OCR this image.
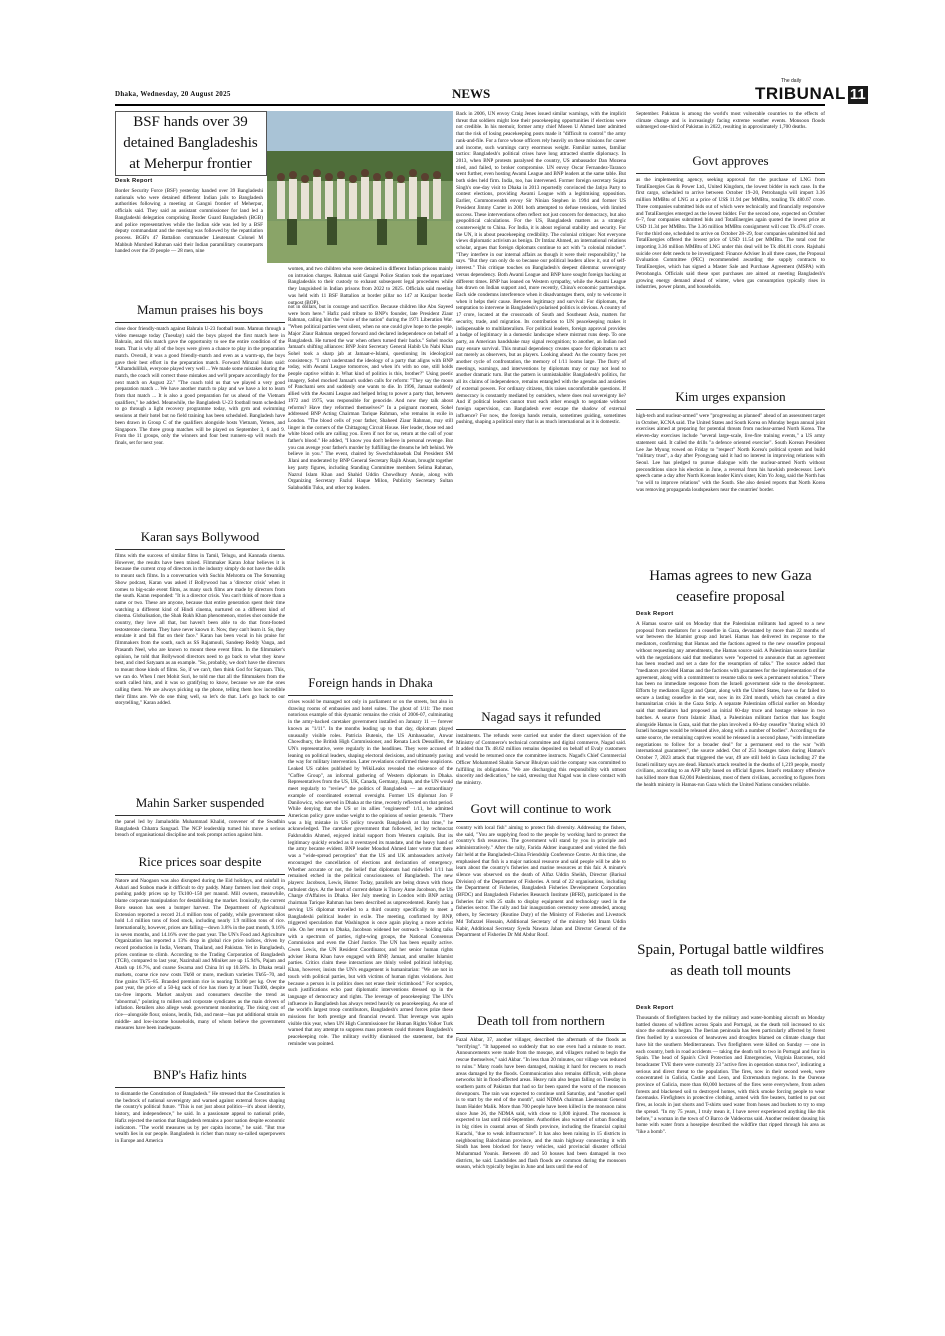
Dhaka, Wednesday, 20 August 2025	NEWS
The daily
TRIBUNAL 11
BSF hands over 39 detained Bangladeshis at Meherpur frontier
Desk Report

Border Security Force (BSF) yesterday handed over 39 Bangladeshi nationals who were detained different Indian jails to Bangladesh authorities following a meeting at Gangni frontier of Meherpur, officials said. They said an assistant commissioner for land led a Bangladeshi delegation comprising Border Guard Bangladesh (BGB) and police representatives while the Indian side was led by a BSF deputy commandant and the meeting was followed by the repatriation process. BGB's 47 Battalion commander Lieutenant Colonel M Mahbub Murshed Rahman said their Indian paramilitary counterparts handed over the 39 people — 28 men, nine

women, and two children who were detained in different Indian prisons mainly on intrusion charges. Rahman said Gangni Police Station took the repatriated Bangladeshis to their custody to exhaust subsequent legal procedures while they languished in Indian prisons from 2022 to 2025. Officials said meeting was held with 11 BSF Battalion at border pillar no 147 at Kazipur border outpost (BOP).

Mamun praises his boys

close door friendly-match against Bahrain U-23 football team. Mamun through a video message today (Tuesday) said the boys played the first match here in Bahrain, and this match gave the opportunity to see the entire condition of the team. That is why all of the boys were given a chance to play in the preparation match. Overall, it was a good friendly-match and even as a warm-up, the boys gave their best effort in the preparation match. Forward Mirazul Islam said: "Alhamdulillah, everyone played very well ... We made some mistakes during the match, the coach will correct those mistakes and we'll prepare accordingly for the next match on August 22." "The coach told us that we played a very good preparation match ... We have another match to play and we have a lot to learn from that match ... It is also a good preparation for us ahead of the Vietnam qualifiers," he added. Meanwhile, the Bangladesh U-23 football team scheduled to go through a light recovery programme today, with gym and swimming sessions at their hotel but no field training has been scheduled. Bangladesh have been drawn in Group C of the qualifiers alongside hosts Vietnam, Yemen, and Singapore. The three group matches will be played on September 3, 6 and 9. From the 11 groups, only the winners and four best runners-up will reach the finals, set for next year.

Karan says Bollywood

films with the success of similar films in Tamil, Telugu, and Kannada cinema. However, the results have been mixed. Filmmaker Karan Johar believes it is because the current crop of directors in the industry simply do not have the skills to mount such films. In a conversation with Suchin Mehrotra on The Streaming Show podcast, Karan was asked if Bollywood has a 'director crisis' when it comes to big-scale event films, as many such films are made by directors from the south. Karan responded: "It is a director crisis. You can't think of more than a name or two. These are anyone, because that entire generation spent their time watching a different kind of Hindi cinema, nurtured on a different kind of cinema. Globalisation, the Shah Rukh Khan phenomenon, stories shot outside the country, they love all that, but haven't been able to do that front-footed testosterone cinema. They have never known it. Now, they can't learn it. So, they emulate it and fall flat on their face." Karan has been vocal in his praise for filmmakers from the south, such as SS Rajamouli, Sandeep Reddy Vanga, and Prasanth Neel, who are known to mount these event films. In the filmmaker's opinion, he told that Bollywood directors need to go back to what they know best, and cited Satyaam as an example. "So, probably, we don't have the directors to mount those kinds of films. So, if we can't, then think God for Satyaam. This, we can do. When I met Mohit Suri, he told me that all the filmmakers from the south called him, and it was so gratifying to know, because we are the ones calling them. We are always picking up the phone, telling them how incredible their films are. We do one thing well, so let's do that. Let's go back to our storytelling," Karan added.

Mahin Sarker suspended

the panel led by Jamaluddin Muhammad Khalid, convener of the Swadhin Bangladesh Chhatra Sangsad. The NCP leadership turned his move a serious breach of organisational discipline and took prompt action against him.

Rice prices soar despite

Natore and Naogaon was also disrupted during the Eid holidays, and rainfall in Ashari and Srabon made it difficult to dry paddy. Many farmers lost their crops, pushing paddy prices up by Tk100–150 per maund. Mill owners, meanwhile, blame corporate manipulation for destabilising the market. Ironically, the current Boro season has seen a bumper harvest. The Department of Agricultural Extension reported a record 21.4 million tons of paddy, while government silos hold 1.4 million tons of food stock, including nearly 1.9 million tons of rice. Internationally, however, prices are falling—down 3.8% in the past month, 9.16% in seven months, and 14.16% over the past year. The UN's Food and Agriculture Organization has reported a 13% drop in global rice price indices, driven by record production in India, Vietnam, Thailand, and Pakistan. Yet in Bangladesh, prices continue to climb. According to the Trading Corporation of Bangladesh (TCB), compared to last year, Nazirshail and Miniket are up 15.94%, Pajam and Atash up 16.7%, and coarse Swarna and China Iri up 10.58%. In Dhaka retail markets, coarse rice now costs Tk60 or more, medium varieties Tk65–70, and fine grains Tk75–85. Branded premium rice is nearing Tk100 per kg. Over the past year, the price of a 50-kg sack of rice has risen by at least Tk400, despite tax-free imports. Market analysts and consumers describe the trend as "abnormal," pointing to millers and corporate syndicates as the main drivers of inflation. Retailers also allege weak government monitoring. The rising cost of rice—alongside flour, onions, lentils, fish, and meat—has put additional strain on middle- and low-income households, many of whom believe the government measures have been inadequate.

BNP's Hafiz hints

to dismantle the Constitution of Bangladesh." He stressed that the Constitution is the bedrock of national sovereignty and warned against external forces shaping the country's political future. "This is not just about politics—it's about identity, history, and independence," he said. In a passionate appeal to national pride, Hafiz rejected the notion that Bangladesh remains a poor nation despite economic indicators. "The world measures us by per capita income," he said. "But true wealth lies in our people. Bangladesh is richer than many so-called superpowers in Europe and America

not in dollars, but in courage and sacrifice. Because children like Abu Sayeed were born here." Hafiz paid tribute to BNP's founder, late President Ziaur Rahman, calling him the "voice of the nation" during the 1971 Liberation War. "When political parties went silent, when no one could give hope to the people, Major Ziaur Rahman stepped forward and declared independence on behalf of Bangladesh. He turned the war when others turned their backs." Sohel mocks Jamaat's shifting alliances: BNP Joint Secretary General Habib Un Nabi Khan Sohel took a sharp jab at Jamaat-e-Islami, questioning its ideological consistency. "I can't understand the ideology of a party that aligns with BNP today, with Awami League tomorrow, and when it's with no one, still holds people captive within it. What kind of politics is this, brother?" Using poetic imagery, Sohel mocked Jamaat's sudden calls for reform: "They say the moon of Panchami sets and suddenly one wants to die. In 1996, Jamaat suddenly allied with the Awami League and helped bring to power a party that, between 1972 and 1975, was responsible for genocide. And now they talk about reforms? Have they reformed themselves?" In a poignant moment, Sohel addressed BNP Acting Chairman Tarique Rahman, who remains in exile in London. "The blood cells of your father, Shaheed Ziaur Rahman, may still linger in the corners of the Chittagong Circuit House. Her leader, those red and white blood cells are calling you. Even if not for us, return at the call of your father's blood." He added, "I know you don't believe in personal revenge. But you can avenge your father's murder by fulfilling the dreams he left behind. We believe in you." The event, chaired by Swechchhasebak Dal President SM Jilani and moderated by BNP General Secretary Rajib Ahsan, brought together key party figures, including Standing Committee members Selima Rahman, Nazrul Islam Khan and Shahid Uddin Chowdhury Annie, along with Organizing Secretary Fazlul Haque Milon, Publicity Secretary Sultan Salahuddin Tuku, and other top leaders.

Foreign hands in Dhaka

crises would be managed not only in parliament or on the streets, but also in drawing rooms of embassies and hotel suites. The ghost of 1/11: The most notorious example of this dynamic remains the crisis of 2006-07, culminating in the army-backed caretaker government installed on January 11 — forever known as "1/11". In the months leading up to that day, diplomats played unusually visible roles. Patricia Butenis, the US Ambassador, Anwar Chowdhury, the British High Commissioner, and Renata Lock Dessallien, the UN's representative, were regularly in the headlines. They were accused of leaning on political leaders, shaping electoral decisions, and ultimately paving the way for military intervention. Later revelations confirmed these suspicions. Leaked US cables published by WikiLeaks revealed the existence of the "Coffee Group", an informal gathering of Western diplomats in Dhaka. Representatives from the US, UK, Canada, Germany, Japan, and the UN would meet regularly to "review" the politics of Bangladesh — an extraordinary example of coordinated external oversight. Former US diplomat Jon F Danilowicz, who served in Dhaka at the time, recently reflected on that period. While denying that the US or its allies "engineered" 1/11, he admitted American policy gave undue weight to the opinions of senior generals. "There was a big mistake in US policy towards Bangladesh at that time," he acknowledged. The caretaker government that followed, led by technocrat Fakhruddin Ahmed, enjoyed initial support from Western capitals. But its legitimacy quickly eroded as it overstayed its mandate, and the heavy hand of the army became evident. BNP leader Moudud Ahmed later wrote that there was a "wide-spread perception" that the US and UK ambassadors actively encouraged the cancellation of elections and declaration of emergency. Whether accurate or not, the belief that diplomats had midwifed 1/11 has remained etched in the political consciousness of Bangladesh. The new players: Jacobson, Lewis, Hume: Today, parallels are being drawn with those turbulent days. At the heart of current debate is Tracey Anne Jacobson, the US Charge d'Affaires in Dhaka. Her July meeting in London with BNP acting chairman Tarique Rahman has been described as unprecedented. Rarely has a serving US diplomat travelled to a third country specifically to meet a Bangladeshi political leader in exile. The meeting, confirmed by BNP, triggered speculation that Washington is once again playing a more activist role. On her return to Dhaka, Jacobson widened her outreach – holding talks with a spectrum of parties, right-wing groups, the National Consensus Commission and even the Chief Justice. The UN has been equally active. Gwen Lewis, the UN Resident Coordinator, and her senior human rights adviser Huma Khan have engaged with BNP, Jamaat, and smaller Islamist parties. Critics claim these interactions are thinly veiled political lobbying. Khan, however, insists the UN's engagement is humanitarian: "We are not in touch with political parties, but with victims of human rights violations. Just because a person is in politics does not erase their victimhood." For sceptics, such justifications echo past diplomatic interventions dressed up in the language of democracy and rights. The leverage of peacekeeping: The UN's influence in Bangladesh has always rested heavily on peacekeeping. As one of the world's largest troop contributors, Bangladesh's armed forces prize these missions for both prestige and financial reward. That leverage was again visible this year, when UN High Commissioner for Human Rights Volker Turk warned that any attempt to suppress mass protests could threaten Bangladesh's peacekeeping role. The military swiftly dismissed the statement, but the reminder was pointed.

Back in 2006, UN envoy Craig Jenes issued similar warnings, with the implicit threat that soldiers might lose their peacekeeping opportunities if elections were not credible. In his memoir, former army chief Moeen U Ahmed later admitted that the risk of losing peacekeeping posts made it "difficult to control" the army rank-and-file. For a force whose officers rely heavily on these missions for career and income, such warnings carry enormous weight. Familiar names, familiar tactics: Bangladesh's political crises have long attracted shuttle diplomacy. In 2013, when BNP protests paralysed the country, US ambassador Dan Mozena tried, and failed, to broker compromise. UN envoy Oscar Fernandez-Taranco went further, even hosting Awami League and BNP leaders at the same table. But both sides held firm. India, too, has intervened. Former foreign secretary Sujata Singh's one-day visit to Dhaka in 2013 reportedly convinced the Jatiya Party to contest elections, providing Awami League with a legitimising opposition. Earlier, Commonwealth envoy Sir Ninian Stephen in 1994 and former US President Jimmy Carter in 2001 both attempted to defuse tensions, with limited success. These interventions often reflect not just concern for democracy, but also geopolitical calculations. For the US, Bangladesh matters as a strategic counterweight to China. For India, it is about regional stability and security. For the UN, it is about peacekeeping credibility. The colonial critique: Not everyone views diplomatic activism as benign. Dr Imtiaz Ahmed, an international relations scholar, argues that foreign diplomats continue to act with "a colonial mindset". "They interfere in our internal affairs as though it were their responsibility," he says. "But they can only do so because our political leaders allow it, out of self-interest." This critique touches on Bangladesh's deepest dilemma: sovereignty versus dependency. Both Awami League and BNP have sought foreign backing at different times. BNP has leaned on Western sympathy, while the Awami League has drawn on Indian support and, more recently, China's economic partnerships. Each side condemns interference when it disadvantages them, only to welcome it when it helps their cause. Between legitimacy and survival: For diplomats, the temptation to intervene in Bangladesh's polarised politics is obvious. A country of 17 crore, located at the crossroads of South and Southeast Asia, matters for security, trade, and migration. Its contribution to UN peacekeeping makes it indispensable to multilateralism. For political leaders, foreign approval provides a badge of legitimacy in a domestic landscape where mistrust runs deep. To one party, an American handshake may signal recognition; to another, an Indian nod may ensure survival. This mutual dependency creates space for diplomats to act not merely as observers, but as players. Looking ahead: As the country faces yet another cycle of confrontation, the memory of 1/11 looms large. The flurry of meetings, warnings, and interventions by diplomats may or may not lead to another dramatic turn. But the pattern is unmistakable: Bangladesh's politics, for all its claims of independence, remains entangled with the agendas and anxieties of external powers. For ordinary citizens, this raises uncomfortable questions. If democracy is constantly mediated by outsiders, where does real sovereignty lie? And if political leaders cannot trust each other enough to negotiate without foreign supervision, can Bangladesh ever escape the shadow of external influence? For now, the foreign hands remain, sometimes guiding, sometimes pushing, shaping a political story that is as much international as it is domestic.

Nagad says it refunded

instalments. The refunds were carried out under the direct supervision of the Ministry of Commerce's technical committee and digital commerce, Nagad said. It added that Tk 48.62 million remains deposited on behalf of Evaly customers and would be returned once the committee instructs. Nagad's Chief Commercial Officer Mohammed Shahin Sarwar Bhuiyan said the company was committed to fulfilling its obligations. "We are discharging this responsibility with utmost sincerity and dedication," he said, stressing that Nagad was in close contact with the ministry.

Govt will continue to work

country with local fish" aiming to protect fish diversity. Addressing the fishers, she said, "You are supplying food to the people by working hard to protect the country's fish resources. The government will stand by you in principle and administratively." After the rally, Farida Akhter inaugurated and visited the fish fair held at the Bangladesh-China Friendship Conference Centre. At this time, she emphasised that fish is a major national resource and said people will be able to learn about the country's fisheries and marine resources at this fair. A minute's silence was observed on the death of Alfaz Uddin Sheikh, Director (Barisal Division) of the Department of Fisheries. A total of 22 organisations, including the Department of Fisheries, Bangladesh Fisheries Development Corporation (BFDC) and Bangladesh Fisheries Research Institute (BFRI), participated in the fisheries fair with 25 stalls to display equipment and technology used in the fisheries sector. The rally and fair inauguration ceremony were attended, among others, by Secretary (Routine Duty) of the Ministry of Fisheries and Livestock Md Tofazzel Hossain, Additional Secretary of the ministry Md Imam Uddin Kabir, Additional Secretary Syeda Nawara Jahan and Director General of the Department of Fisheries Dr Md Abdur Rouf.

Death toll from northern

Fazal Akbar, 37, another villager, described the aftermath of the floods as "terrifying". "It happened so suddenly that no one even had a minute to react. Announcements were made from the mosque, and villagers rushed to begin the rescue themselves," said Akbar. "In less than 20 minutes, our village was reduced to ruins." Many roads have been damaged, making it hard for rescuers to reach areas damaged by the floods. Communication also remains difficult, with phone networks hit in flood-affected areas. Heavy rain also began falling on Tuesday in southern parts of Pakistan that had so far been spared the worst of the monsoon downpours. The rain was expected to continue until Saturday, and "another spell is to start by the end of the month", said NDMA chairman Lieutenant General Inam Haider Malik. More than 700 people have been killed in the monsoon rains since June 26, the NDMA said, with close to 1,000 injured. The monsoon is expected to last until mid-September. Authorities also warned of urban flooding in big cities in coastal areas of Sindh province, including the financial capital Karachi, "due to weak infrastructure". It has also been raining in 15 districts in neighbouring Balochistan province, and the main highway connecting it with Sindh has been blocked for heavy vehicles, said provincial disaster official Muhammad Younis. Between 40 and 50 houses had been damaged in two districts, he said. Landslides and flash floods are common during the monsoon season, which typically begins in June and lasts until the end of

September. Pakistan is among the world's most vulnerable countries to the effects of climate change and is increasingly facing extreme weather events. Monsoon floods submerged one-third of Pakistan in 2022, resulting in approximately 1,700 deaths.

Govt approves

as the implementing agency, seeking approval for the purchase of LNG from TotalEnergies Gas & Power Ltd., United Kingdom, the lowest bidder in each case. In the first cargo, scheduled to arrive between October 19–20, Petrobangla will import 3.36 million MMBtu of LNG at a price of US$ 11.94 per MMBtu, totaling Tk 480.67 crore. Three companies submitted bids out of which were technically and financially responsive and TotalEnergies emerged as the lowest bidder. For the second one, expected on October 6–7, four companies submitted bids and TotalEnergies again quoted the lowest price at USD 11.34 per MMBtu. The 3.36 million MMBtu consignment will cost Tk 476.47 crore. For the third one, scheduled to arrive on October 28–29, four companies submitted bid and TotalEnergies offered the lowest price of USD 11.54 per MMBtu. The total cost for importing 3.36 million MMBtu of LNG under this deal will be Tk 484.81 crore. Rajshahi suicide over debt needs to be investigated: Finance Adviser In all three cases, the Proposal Evaluation Committee (PEC) recommended awarding the supply contracts to TotalEnergies, which has signed a Master Sale and Purchase Agreement (MSPA) with Petrobangla. Officials said these spot purchases are aimed at meeting Bangladesh's growing energy demand ahead of winter, when gas consumption typically rises in industries, power plants, and households.

Kim urges expansion

high-tech and nuclear-armed" were "progressing as planned" ahead of an assessment target in October, KCNA said. The United States and South Korea on Monday began annual joint exercises aimed at preparing for potential threats from nuclear-armed North Korea. The eleven-day exercises include "several large-scale, live-fire training events," a US army statement said. It called the drills "a defence oriented exercise". South Korean President Lee Jae Myung vowed on Friday to "respect" North Korea's political system and build "military trust", a day after Pyongyang said it had no interest in improving relations with Seoul. Lee has pledged to pursue dialogue with the nuclear-armed North without preconditions since his election in June, a reversal from his hawkish predecessor. Lee's speech came a day after North Korean leader Kim's sister, Kim Yo Jong, said the North has "no will to improve relations" with the South. She also denied reports that North Korea was removing propaganda loudspeakers near the countries' border.

Hamas agrees to new Gaza ceasefire proposal
Desk Report

A Hamas source said on Monday that the Palestinian militants had agreed to a new proposal from mediators for a ceasefire in Gaza, devastated by more than 22 months of war between the Islamist group and Israel. Hamas has delivered its response to the mediators, confirming that Hamas and the factions agreed to the new ceasefire proposal without requesting any amendments, the Hamas source said. A Palestinian source familiar with the negotiations said that mediators were "expected to announce that an agreement has been reached and set a date for the resumption of talks." The source added that "mediators provided Hamas and the factions with guarantees for the implementation of the agreement, along with a commitment to resume talks to seek a permanent solution." There has been no immediate response from the Israeli government side to the development. Efforts by mediators Egypt and Qatar, along with the United States, have so far failed to secure a lasting ceasefire in the war, now in its 23rd month, which has created a dire humanitarian crisis in the Gaza Strip. A separate Palestinian official earlier on Monday said that mediators had proposed an initial 60-day truce and hostage release in two batches. A source from Islamic Jihad, a Palestinian militant faction that has fought alongside Hamas in Gaza, said that the plan involved a 60-day ceasefire "during which 10 Israeli hostages would be released alive, along with a number of bodies". According to the same source, the remaining captives would be released in a second phase, "with immediate negotiations to follow for a broader deal" for a permanent end to the war "with international guarantees", the source added. Out of 251 hostages taken during Hamas's October 7, 2023 attack that triggered the war, 49 are still held in Gaza including 27 the Israeli military says are dead. Hamas's attack resulted in the deaths of 1,219 people, mostly civilians, according to an AFP tally based on official figures. Israel's retaliatory offensive has killed more than 62,004 Palestinians, most of them civilians, according to figures from the health ministry in Hamas-run Gaza which the United Nations considers reliable.

Spain, Portugal battle wildfires as death toll mounts
Desk Report

Thousands of firefighters backed by the military and water-bombing aircraft on Monday battled dozens of wildfires across Spain and Portugal, as the death toll increased to six since the outbreaks began. The Iberian peninsula has been particularly affected by forest fires fuelled by a succession of heatwaves and droughts blamed on climate change that have hit the southern Mediterranean. Two firefighters were killed on Sunday — one in each country, both in road accidents — taking the death toll to two in Portugal and four in Spain. The head of Spain's Civil Protection and Emergencies, Virginia Barcones, told broadcaster TVE there were currently 23 "active fires in operation status two", indicating a serious and direct threat to the population. The fires, now in their second week, were concentrated in Galicia, Castile and Leon, and Extremadura regions. In the Ourense province of Galicia, more than 60,000 hectares of the fires were everywhere, from ashen forests and blackened soil to destroyed homes, with thick smoke forcing people to wear facemasks. Firefighters in protective clothing, armed with fire beaters, battled to put out fires, as locals in just shorts and T-shirts used water from hoses and buckets to try to stop the spread. "In my 75 years, I truly mean it, I have never experienced anything like this before," a woman in the town of O Barco de Valdeorras said. Another resident dousing his home with water from a hosepipe described the wildfire that ripped through his area as "like a bomb".
